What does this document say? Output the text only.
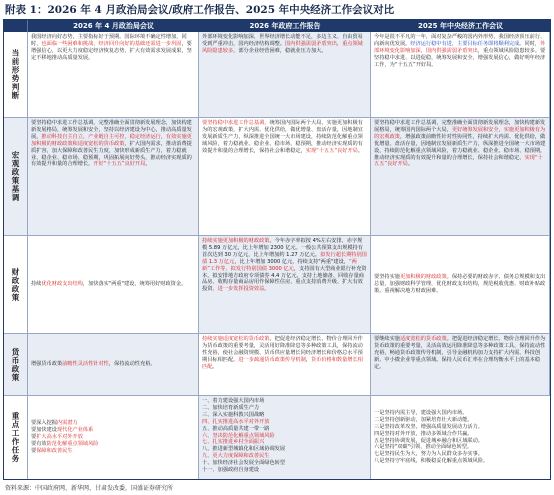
附表 1：2026 年 4 月政治局会议/政府工作报告、2025 年中央经济工作会议对比
2026 年 4 月政治局会议	2026 年政府工作报告	2025 年中央经济工作会议
当前形势判断
我国经济向好态势，主要指标好于预期。国际环境不确定性增加，同时，也面临一些困难和挑战，经济回升向好的基础还需进一步巩固，要增强信心，以更大力度稳定经济恢复态势，扩大有效需求发展成果，坚定不移地推动高质量发展。
外部环境变化影响加深，世界经济增长动能不足，多边主义、自由贸易受到严重冲击，国内经济结构调整。国内供强需弱矛盾突出，重点领域风险隐患较多，部分企业经营困难，稳就业压力加大。
今年是很不平凡的一年，面对复杂严峻的国内外形势，我国经济顶压前行、向新向优发展。经济运行稳中有进，主要目标任务即将顺利完成。同时，外部环境变化影响加深，国内供强需弱矛盾突出，重点领域风险隐患较多。要坚持稳中求进、以进促稳，统筹发展和安全，增强发展信心，做好明年经济工作，为“十五五”开好局。
宏观政策基调
要坚持稳中求进工作总基调，完整准确全面贯彻新发展理念，加快构建新发展格局，统筹发展和安全，坚持以经济建设为中心，推动高质量发展。推动科技自主自立，产业链自主可控，稳定经济运行，有效实施更加积极的财政政策和适度宽松的货币政策，扩大国内需求，推动消费提质扩容，加大保障和改善民生力度，加快形成新质生产力，着力稳就业、稳企业、稳市场、稳预期，巩固拓展向好势头，推动经济实现质的有效提升和量的合理增长，开好“十五五”良好开局。
要坚持稳中求进工作总基调，统筹国内国际两个大局，实施更加积极有为的宏观政策，扩大内需、优化供给，做优增量、盘活存量，因地制宜发展新质生产力，纵深推进全国统一大市场建设，持续防范化解重点领域风险，着力稳就业、稳企业、稳市场、稳预期，推动经济实现质的有效提升和量的合理增长，保持社会和谐稳定，实现“十五五”良好开局。
要坚持稳中求进工作总基调，完整准确全面贯彻新发展理念，加快构建新发展格局，统筹国内国际两个大局，更好统筹发展和安全，实施更加积极有为的宏观政策，增强政策前瞻性针对性协同性，持续扩大内需、优化供给，做优增量、盘活存量，因地制宜发展新质生产力，纵深推进全国统一大市场建设，持续防范化解重点领域风险，着力稳就业、稳企业、稳市场、稳预期，推动经济实现质的有效提升和量的合理增长，保持社会和谐稳定，实现“十五五”良好开局。
财政政策 持续优化财政支出结构，加快落实"两重"建设，统筹用好财政资金。
持续实施更加积极的财政政策。今年赤字率拟按 4%左右安排，赤字规模 5.89 万亿元，比上年增加 2300 亿元。一般公共预算支出规模持有首次达到 30 万亿元，比上年增加约 1.27 万亿元。拟发行超长期特别国债 1.3 万亿元，比上年增加 3000 亿元，持续支持"两重"建设，“两新”工作等，拟发行特别国债 3000 亿元，支持国有大型商业银行补充资本。拟安排地方政府专项债券 4.4 万亿元，支持土地储备、回收存量商品房、收购存量商品房用作保障性住房，重点支持消费升级、扩大有效投资、进一步发挥投资效益。
要坚持实施更加积极的财政政策。保持必要的财政赤字、债务总规模和支出总量，加强财政科学管理，优化财政支出结构，规范税收优惠、财政补贴政策。重视解决地方财政困难。
货币政策 增强货币政策前瞻性灵活性针对性，保持流动性充裕。
持续实施适度宽松的货币政策。把促进经济稳定增长、物价合理回升作为货币政策的重要考量，灵活用好降准降息等多种政策工具，保持流动性充裕，使社会融资规模、货币供应量增长同经济增长和价格总水平预期目标相匹配。进一步疏通货币政策传导机制，货币价格和数量增长相匹配。
要继续实施适度宽松的货币政策。把促进经济稳定增长、物价合理回升作为货币政策的重要考量，灵活高效运用降准降息等多种政策工具，保持流动性充裕，畅通货币政策传导机制，引导金融机构加力支持扩大内需、科技创新、中小微企业等重点领域。保持人民币汇率在合理均衡水平上的基本稳定。
重点工作任务 要深入挖掘内需潜力
要加快建设现代化产业体系
要扩大高水平对外开放
要有效防范化解重点领域风险
要保障和改善民生
一、着力建设强大国内市场
二、加快培育新质生产力
三、深入实施科教兴国战略
四、扎实推进高水平对外开放
五、推动高质量共建一带一路
六、坚决防范化解重点领域风险
七、扎实推进乡村全面振兴
八、推进新型城镇化和区域协调发展
九、更大力度保障和改善民生
十、加快经济社会发展全面绿色转型
十一、加强政府自身建设
一是坚持内需主导，建设强大国内市场。
二是坚持创新驱动，加紧培育壮大新动能。
三是坚持改革攻坚，增强高质量发展动力活力。
四是坚持对外开放，推动多领域合作共赢。
五是坚持协调发展，促进城乡融合和区域联动。
六是坚持"双碳"引领，推动全面绿色转型。
七是坚持民生为大，努力为人民群众多办实事。
八是坚持守牢底线，积极稳妥化解重点领域风险。
资料来源：中国政府网、新华网、甘肃发改委，国盛证券研究所
